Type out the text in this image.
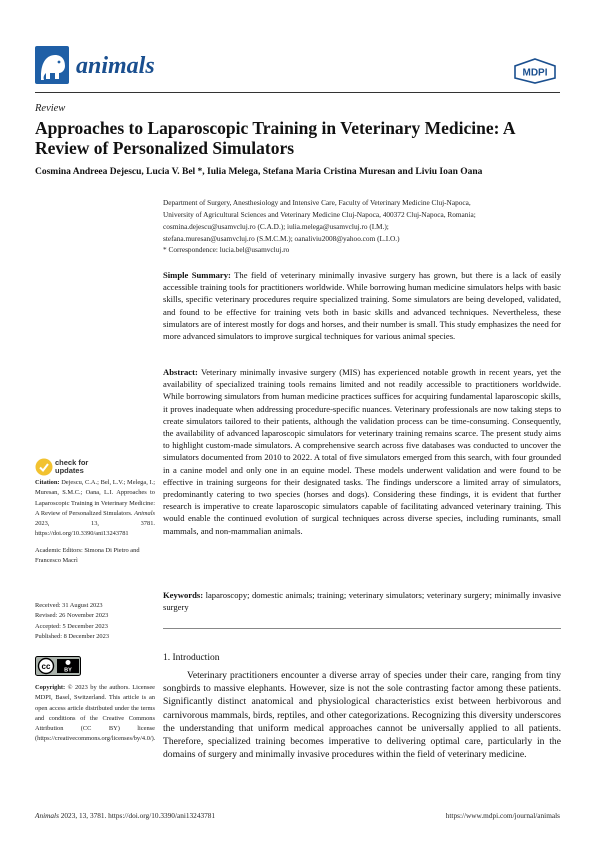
animals	MDPI
Review
Approaches to Laparoscopic Training in Veterinary Medicine: A Review of Personalized Simulators
Cosmina Andreea Dejescu, Lucia V. Bel *, Iulia Melega, Stefana Maria Cristina Muresan and Liviu Ioan Oana
Department of Surgery, Anesthesiology and Intensive Care, Faculty of Veterinary Medicine Cluj-Napoca,
University of Agricultural Sciences and Veterinary Medicine Cluj-Napoca, 400372 Cluj-Napoca, Romania;
cosmina.dejescu@usamvcluj.ro (C.A.D.); iulia.melega@usamvcluj.ro (I.M.);
stefana.muresan@usamvcluj.ro (S.M.C.M.); oanaliviu2008@yahoo.com (L.I.O.)
* Correspondence: lucia.bel@usamvcluj.ro
Simple Summary: The field of veterinary minimally invasive surgery has grown, but there is a lack of easily accessible training tools for practitioners worldwide. While borrowing human medicine simulators helps with basic skills, specific veterinary procedures require specialized training. Some simulators are being developed, validated, and found to be effective for training vets both in basic skills and advanced techniques. Nevertheless, these simulators are of interest mostly for dogs and horses, and their number is small. This study emphasizes the need for more advanced simulators to improve surgical techniques for various animal species.
Abstract: Veterinary minimally invasive surgery (MIS) has experienced notable growth in recent years, yet the availability of specialized training tools remains limited and not readily accessible to practitioners worldwide. While borrowing simulators from human medicine practices suffices for acquiring fundamental laparoscopic skills, it proves inadequate when addressing procedure-specific nuances. Veterinary professionals are now taking steps to create simulators tailored to their patients, although the validation process can be time-consuming. Consequently, the availability of advanced laparoscopic simulators for veterinary training remains scarce. The present study aims to highlight custom-made simulators. A comprehensive search across five databases was conducted to uncover the simulators documented from 2010 to 2022. A total of five simulators emerged from this search, with four grounded in a canine model and only one in an equine model. These models underwent validation and were found to be effective in training surgeons for their designated tasks. The findings underscore a limited array of simulators, predominantly catering to two species (horses and dogs). Considering these findings, it is evident that further research is imperative to create laparoscopic simulators capable of facilitating advanced veterinary training. This would enable the continued evolution of surgical techniques across diverse species, including ruminants, small mammals, and non-mammalian animals.
Keywords: laparoscopy; domestic animals; training; veterinary simulators; veterinary surgery; minimally invasive surgery
1. Introduction

Veterinary practitioners encounter a diverse array of species under their care, ranging from tiny songbirds to massive elephants. However, size is not the sole contrasting factor among these patients. Significantly distinct anatomical and physiological characteristics exist between herbivorous and carnivorous mammals, birds, reptiles, and other categorizations. Recognizing this diversity underscores the understanding that uniform medical approaches cannot be universally applied to all patients. Therefore, specialized training becomes imperative to delivering optimal care, particularly in the domains of surgery and minimally invasive procedures within the field of veterinary medicine.

check for
updates
Citation: Dejescu, C.A.; Bel, L.V.; Melega, I.; Muresan, S.M.C.; Oana, L.I. Approaches to Laparoscopic Training in Veterinary Medicine: A Review of Personalized Simulators. Animals 2023, 13, 3781. https://doi.org/10.3390/ani13243781
Academic Editors: Simona Di Pietro and Francesco Macrì
Received: 31 August 2023
Revised: 26 November 2023
Accepted: 5 December 2023
Published: 8 December 2023
cc BY
Copyright: © 2023 by the authors. Licensee MDPI, Basel, Switzerland. This article is an open access article distributed under the terms and conditions of the Creative Commons Attribution (CC BY) license (https://creativecommons.org/licenses/by/4.0/).
Animals 2023, 13, 3781. https://doi.org/10.3390/ani13243781	https://www.mdpi.com/journal/animals
